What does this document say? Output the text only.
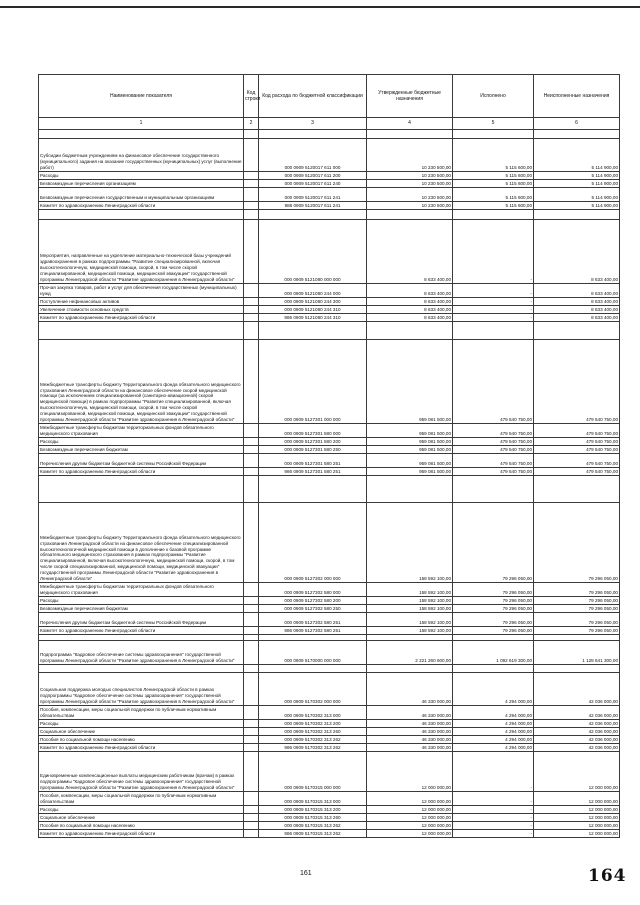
Наименование показателя	Код строки	Код расхода по бюджетной классификации	Утвержденные бюджетные назначения	Исполнено	Неисполненные назначения
1	2	3	4	5	6

Субсидии бюджетным учреждениям на финансовое обеспечение государственного (муниципального) задания на оказание государственных (муниципальных) услуг (выполнение работ)		000 0909 5120017 611 000	10 230 500,00	5 115 600,00	5 114 900,00
Расходы		000 0909 5120017 611 200	10 230 500,00	5 115 600,00	5 114 900,00
Безвозмездные перечисления организациям		000 0909 5120017 611 240	10 230 500,00	5 115 600,00	5 114 900,00
Безвозмездные перечисления государственным и муниципальным организациям		000 0909 5120017 611 241	10 230 500,00	5 115 600,00	5 114 900,00
Комитет по здравоохранению Ленинградской области		986 0909 5120017 611 241	10 230 500,00	5 115 600,00	5 114 900,00

Мероприятия, направленные на укрепление материально-технической базы учреждений здравоохранения в рамках подпрограммы "Развитие специализированной, включая высокотехнологичную, медицинской помощи, скорой, в том числе скорой специализированной, медицинской помощи, медицинской эвакуации" государственной программы Ленинградской области "Развитие здравоохранения в Ленинградской области"		000 0909 5121080 000 000	8 633 400,00	-	8 633 400,00
Прочая закупка товаров, работ и услуг для обеспечения государственных (муниципальных) нужд		000 0909 5121080 244 000	8 633 400,00	-	8 633 400,00
Поступление нефинансовых активов		000 0909 5121080 244 300	8 633 400,00	-	8 633 400,00
Увеличение стоимости основных средств		000 0909 5121080 244 310	8 633 400,00	-	8 633 400,00
Комитет по здравоохранению Ленинградской области		986 0909 5121080 244 310	8 633 400,00	-	8 633 400,00

Межбюджетные трансферты бюджету Территориального фонда обязательного медицинского страхования Ленинградской области на финансовое обеспечение скорой медицинской помощи (за исключением специализированной (санитарно-авиационной) скорой медицинской помощи) в рамках подпрограммы "Развитие специализированной, включая высокотехнологичную, медицинской помощи, скорой, в том числе скорой специализированной, медицинской помощи, медицинской эвакуации" государственной программы Ленинградской области "Развитие здравоохранения в Ленинградской области"		000 0909 5127301 000 000	959 081 500,00	479 540 750,00	479 540 750,00
Межбюджетные трансферты бюджетам территориальных фондов обязательного медицинского страхования		000 0909 5127301 580 000	959 081 500,00	479 540 750,00	479 540 750,00
Расходы		000 0909 5127301 580 200	959 081 500,00	479 540 750,00	479 540 750,00
Безвозмездные перечисления бюджетам		000 0909 5127301 580 250	959 081 500,00	479 540 750,00	479 540 750,00
Перечисления другим бюджетам бюджетной системы Российской Федерации		000 0909 5127301 580 251	959 081 500,00	479 540 750,00	479 540 750,00
Комитет по здравоохранению Ленинградской области		986 0909 5127301 580 251	959 081 500,00	479 540 750,00	479 540 750,00

Межбюджетные трансферты бюджету Территориального фонда обязательного медицинского страхования Ленинградской области на финансовое обеспечение специализированной высокотехнологичной медицинской помощи в дополнение к базовой программе обязательного медицинского страхования в рамках подпрограммы "Развитие специализированной, включая высокотехнологичную, медицинской помощи, скорой, в том числе скорой специализированной, медицинской помощи, медицинской эвакуации" государственной программы Ленинградской области "Развитие здравоохранения в Ленинградской области"		000 0909 5127302 000 000	158 592 100,00	79 296 050,00	79 296 050,00
Межбюджетные трансферты бюджетам территориальных фондов обязательного медицинского страхования		000 0909 5127302 580 000	158 592 100,00	79 296 050,00	79 296 050,00
Расходы		000 0909 5127302 580 200	158 592 100,00	79 296 050,00	79 296 050,00
Безвозмездные перечисления бюджетам		000 0909 5127302 580 250	158 592 100,00	79 296 050,00	79 296 050,00
Перечисления другим бюджетам бюджетной системы Российской Федерации		000 0909 5127302 580 251	158 592 100,00	79 296 050,00	79 296 050,00
Комитет по здравоохранению Ленинградской области		986 0909 5127302 580 251	158 592 100,00	79 296 050,00	79 296 050,00

Подпрограмма "Кадровое обеспечение системы здравоохранения" государственной программы Ленинградской области "Развитие здравоохранения в Ленинградской области"		000 0909 5170000 000 000	2 221 260 600,00	1 092 619 300,00	1 128 641 300,00

Социальная поддержка молодых специалистов Ленинградской области в рамках подпрограммы "Кадровое обеспечение системы здравоохранения" государственной программы Ленинградской области "Развитие здравоохранения в Ленинградской области"		000 0909 5170302 000 000	46 330 000,00	4 294 000,00	42 036 000,00
Пособия, компенсации, меры социальной поддержки по публичным нормативным обязательствам		000 0909 5170302 313 000	46 330 000,00	4 294 000,00	42 036 000,00
Расходы		000 0909 5170302 313 200	46 330 000,00	4 294 000,00	42 036 000,00
Социальное обеспечение		000 0909 5170302 313 260	46 330 000,00	4 294 000,00	42 036 000,00
Пособия по социальной помощи населению		000 0909 5170302 313 262	46 330 000,00	4 294 000,00	42 036 000,00
Комитет по здравоохранению Ленинградской области		986 0909 5170302 313 262	46 330 000,00	4 294 000,00	42 036 000,00
Единовременные компенсационные выплаты медицинским работникам (врачам) в рамках подпрограммы "Кадровое обеспечение системы здравоохранения" государственной программы Ленинградской области "Развитие здравоохранения в Ленинградской области"		000 0909 5170315 000 000	12 000 000,00	-	12 000 000,00
Пособия, компенсации, меры социальной поддержки по публичным нормативным обязательствам		000 0909 5170315 313 000	12 000 000,00	-	12 000 000,00
Расходы		000 0909 5170315 313 200	12 000 000,00	-	12 000 000,00
Социальное обеспечение		000 0909 5170315 313 260	12 000 000,00	-	12 000 000,00
Пособия по социальной помощи населению		000 0909 5170315 313 262	12 000 000,00	-	12 000 000,00
Комитет по здравоохранению Ленинградской области		986 0909 5170315 313 262	12 000 000,00	-	12 000 000,00
161	164
